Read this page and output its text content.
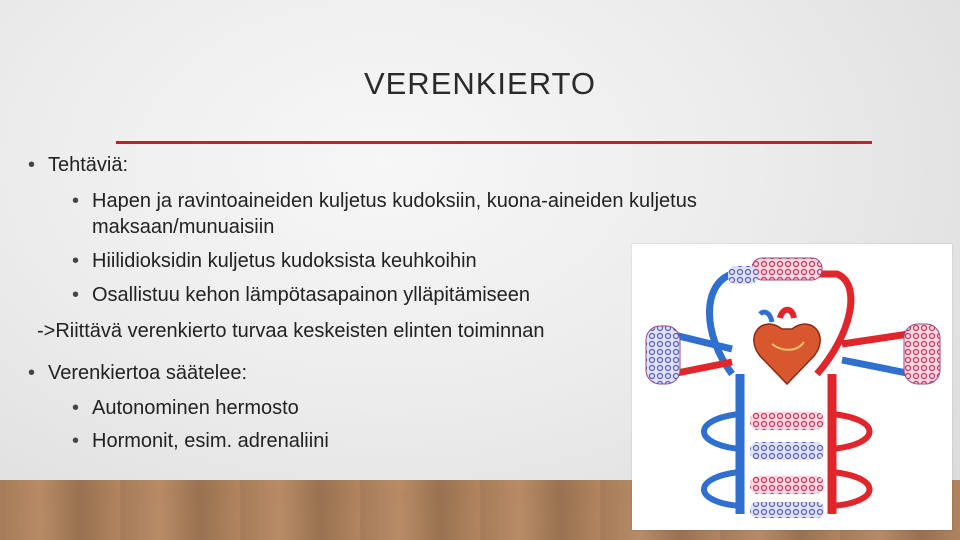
VERENKIERTO
• Tehtäviä:
• Hapen ja ravintoaineiden kuljetus kudoksiin, kuona-aineiden kuljetus
maksaan/munuaisiin
• Hiilidioksidin kuljetus kudoksista keuhkoihin
• Osallistuu kehon lämpötasapainon ylläpitämiseen
->Riittävä verenkierto turvaa keskeisten elinten toiminnan
• Verenkiertoa säätelee:
• Autonominen hermosto
• Hormonit, esim. adrenaliini
